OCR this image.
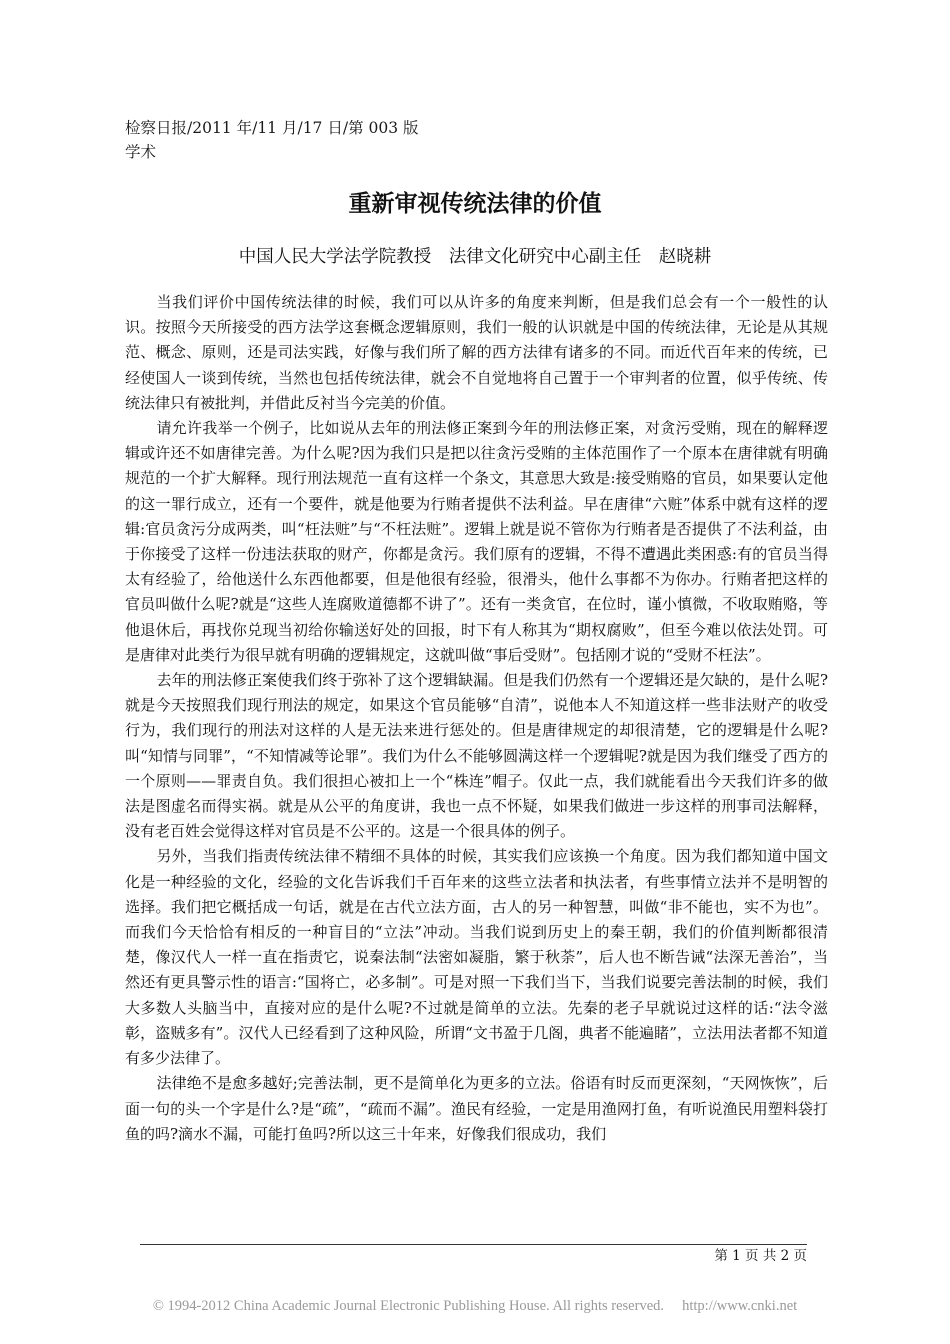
检察日报/2011 年/11 月/17 日/第 003 版
学术
重新审视传统法律的价值
中国人民大学法学院教授　法律文化研究中心副主任　赵晓耕

当我们评价中国传统法律的时候，我们可以从许多的角度来判断，但是我们总会有一个一般性的认识。按照今天所接受的西方法学这套概念逻辑原则，我们一般的认识就是中国的传统法律，无论是从其规范、概念、原则，还是司法实践，好像与我们所了解的西方法律有诸多的不同。而近代百年来的传统，已经使国人一谈到传统，当然也包括传统法律，就会不自觉地将自己置于一个审判者的位置，似乎传统、传统法律只有被批判，并借此反衬当今完美的价值。

请允许我举一个例子，比如说从去年的刑法修正案到今年的刑法修正案，对贪污受贿，现在的解释逻辑或许还不如唐律完善。为什么呢?因为我们只是把以往贪污受贿的主体范围作了一个原本在唐律就有明确规范的一个扩大解释。现行刑法规范一直有这样一个条文，其意思大致是:接受贿赂的官员，如果要认定他的这一罪行成立，还有一个要件，就是他要为行贿者提供不法利益。早在唐律“六赃”体系中就有这样的逻辑:官员贪污分成两类，叫“枉法赃”与“不枉法赃”。逻辑上就是说不管你为行贿者是否提供了不法利益，由于你接受了这样一份违法获取的财产，你都是贪污。我们原有的逻辑，不得不遭遇此类困惑:有的官员当得太有经验了，给他送什么东西他都要，但是他很有经验，很滑头，他什么事都不为你办。行贿者把这样的官员叫做什么呢?就是“这些人连腐败道德都不讲了”。还有一类贪官，在位时，谨小慎微，不收取贿赂，等他退休后，再找你兑现当初给你输送好处的回报，时下有人称其为“期权腐败”，但至今难以依法处罚。可是唐律对此类行为很早就有明确的逻辑规定，这就叫做“事后受财”。包括刚才说的“受财不枉法”。

去年的刑法修正案使我们终于弥补了这个逻辑缺漏。但是我们仍然有一个逻辑还是欠缺的，是什么呢?就是今天按照我们现行刑法的规定，如果这个官员能够“自清”，说他本人不知道这样一些非法财产的收受行为，我们现行的刑法对这样的人是无法来进行惩处的。但是唐律规定的却很清楚，它的逻辑是什么呢?叫“知情与同罪”，“不知情减等论罪”。我们为什么不能够圆满这样一个逻辑呢?就是因为我们继受了西方的一个原则——罪责自负。我们很担心被扣上一个“株连”帽子。仅此一点，我们就能看出今天我们许多的做法是图虚名而得实祸。就是从公平的角度讲，我也一点不怀疑，如果我们做进一步这样的刑事司法解释，没有老百姓会觉得这样对官员是不公平的。这是一个很具体的例子。

另外，当我们指责传统法律不精细不具体的时候，其实我们应该换一个角度。因为我们都知道中国文化是一种经验的文化，经验的文化告诉我们千百年来的这些立法者和执法者，有些事情立法并不是明智的选择。我们把它概括成一句话，就是在古代立法方面，古人的另一种智慧，叫做“非不能也，实不为也”。而我们今天恰恰有相反的一种盲目的“立法”冲动。当我们说到历史上的秦王朝，我们的价值判断都很清楚，像汉代人一样一直在指责它，说秦法制“法密如凝脂，繁于秋荼”，后人也不断告诫“法深无善治”，当然还有更具警示性的语言:“国将亡，必多制”。可是对照一下我们当下，当我们说要完善法制的时候，我们大多数人头脑当中，直接对应的是什么呢?不过就是简单的立法。先秦的老子早就说过这样的话:“法令滋彰，盗贼多有”。汉代人已经看到了这种风险，所谓“文书盈于几阁，典者不能遍睹”，立法用法者都不知道有多少法律了。

法律绝不是愈多越好;完善法制，更不是简单化为更多的立法。俗语有时反而更深刻，“天网恢恢”，后面一句的头一个字是什么?是“疏”，“疏而不漏”。渔民有经验，一定是用渔网打鱼，有听说渔民用塑料袋打鱼的吗?滴水不漏，可能打鱼吗?所以这三十年来，好像我们很成功，我们

第 1 页 共 2 页
© 1994-2012 China Academic Journal Electronic Publishing House. All rights reserved.     http://www.cnki.net
